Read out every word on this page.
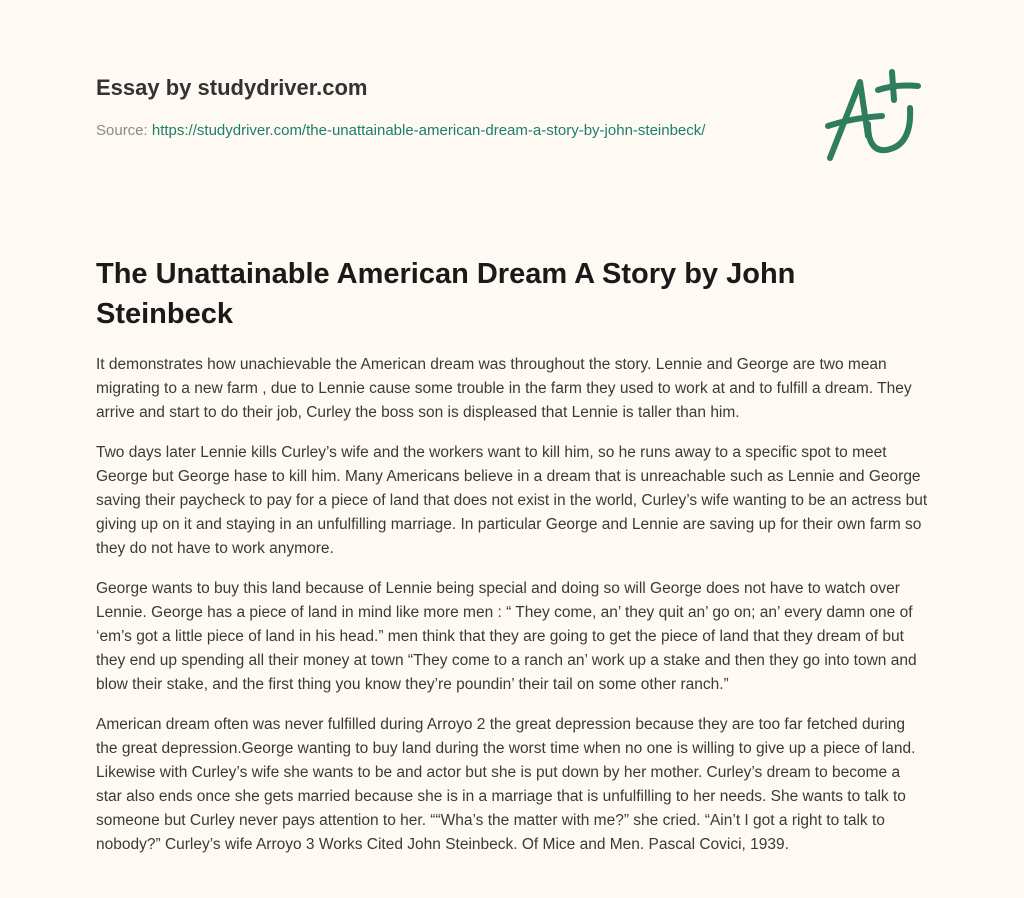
Essay by studydriver.com
Source: https://studydriver.com/the-unattainable-american-dream-a-story-by-john-steinbeck/
The Unattainable American Dream A Story by John Steinbeck

It demonstrates how unachievable the American dream was throughout the story. Lennie and George are two mean migrating to a new farm , due to Lennie cause some trouble in the farm they used to work at and to fulfill a dream. They arrive and start to do their job, Curley the boss son is displeased that Lennie is taller than him.

Two days later Lennie kills Curley’s wife and the workers want to kill him, so he runs away to a specific spot to meet George but George hase to kill him. Many Americans believe in a dream that is unreachable such as Lennie and George saving their paycheck to pay for a piece of land that does not exist in the world, Curley’s wife wanting to be an actress but giving up on it and staying in an unfulfilling marriage. In particular George and Lennie are saving up for their own farm so they do not have to work anymore.

George wants to buy this land because of Lennie being special and doing so will George does not have to watch over Lennie. George has a piece of land in mind like more men : “ They come, an’ they quit an’ go on; an’ every damn one of ‘em’s got a little piece of land in his head.” men think that they are going to get the piece of land that they dream of but they end up spending all their money at town “They come to a ranch an’ work up a stake and then they go into town and blow their stake, and the first thing you know they’re poundin’ their tail on some other ranch.”

American dream often was never fulfilled during Arroyo 2 the great depression because they are too far fetched during the great depression.George wanting to buy land during the worst time when no one is willing to give up a piece of land. Likewise with Curley’s wife she wants to be and actor but she is put down by her mother. Curley’s dream to become a star also ends once she gets married because she is in a marriage that is unfulfilling to her needs. She wants to talk to someone but Curley never pays attention to her. ““Wha’s the matter with me?” she cried. “Ain’t I got a right to talk to nobody?” Curley’s wife Arroyo 3 Works Cited John Steinbeck. Of Mice and Men. Pascal Covici, 1939.
